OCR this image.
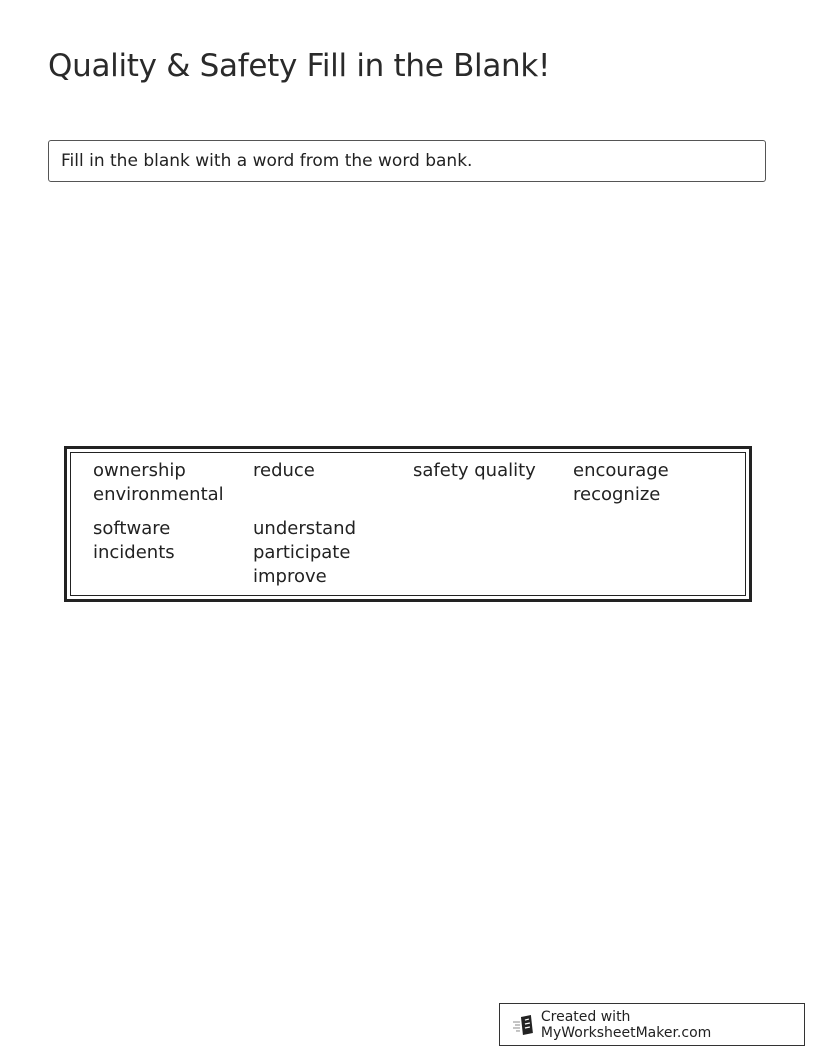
Quality & Safety Fill in the Blank!
Fill in the blank with a word from the word bank.
ownership
environmental
reduce	safety quality	encourage
recognize
software
incidents
understand
participate
improve
Created with MyWorksheetMaker.com
